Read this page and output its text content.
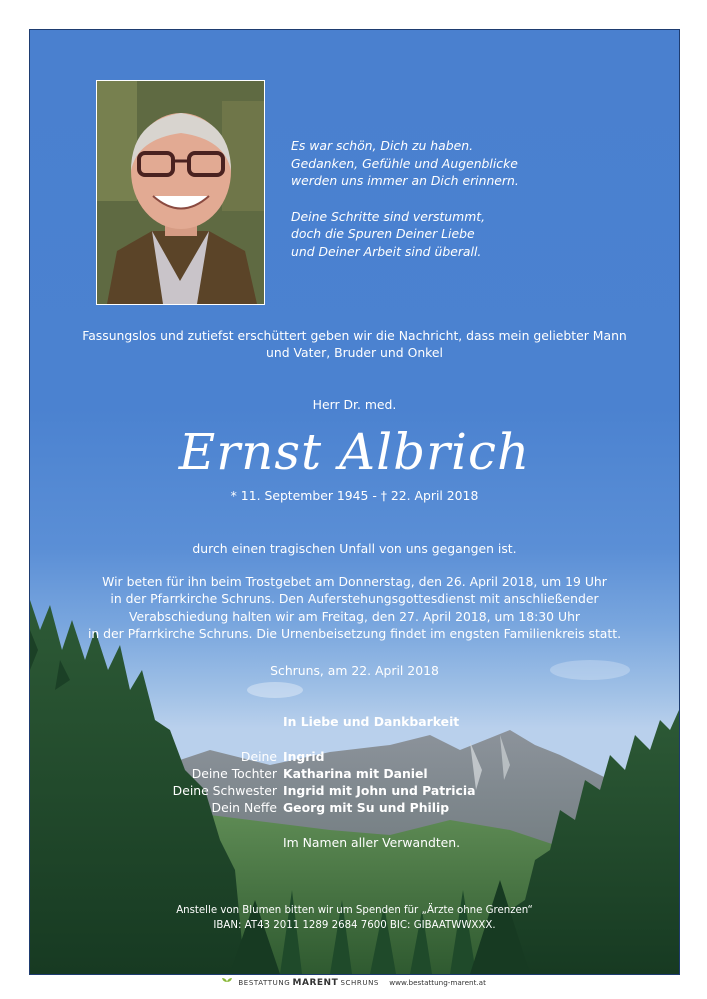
Es war schön, Dich zu haben.
Gedanken, Gefühle und Augenblicke
werden uns immer an Dich erinnern.

Deine Schritte sind verstummt,
doch die Spuren Deiner Liebe
und Deiner Arbeit sind überall.

Fassungslos und zutiefst erschüttert geben wir die Nachricht, dass mein geliebter Mann
und Vater, Bruder und Onkel
Herr Dr. med.
Ernst Albrich
* 11. September 1945 - † 22. April 2018
durch einen tragischen Unfall von uns gegangen ist.
Wir beten für ihn beim Trostgebet am Donnerstag, den 26. April 2018, um 19 Uhr
in der Pfarrkirche Schruns. Den Auferstehungsgottesdienst mit anschließender
Verabschiedung halten wir am Freitag, den 27. April 2018, um 18:30 Uhr
in der Pfarrkirche Schruns. Die Urnenbeisetzung findet im engsten Familienkreis statt.
Schruns, am 22. April 2018
In Liebe und Dankbarkeit
Deine Ingrid
Deine Tochter Katharina mit Daniel
Deine Schwester Ingrid mit John und Patricia
Dein Neffe Georg mit Su und Philip
Im Namen aller Verwandten.
Anstelle von Blumen bitten wir um Spenden für „Ärzte ohne Grenzen“
IBAN: AT43 2011 1289 2684 7600 BIC: GIBAATWWXXX.
BESTATTUNG MARENT SCHRUNS www.bestattung-marent.at
